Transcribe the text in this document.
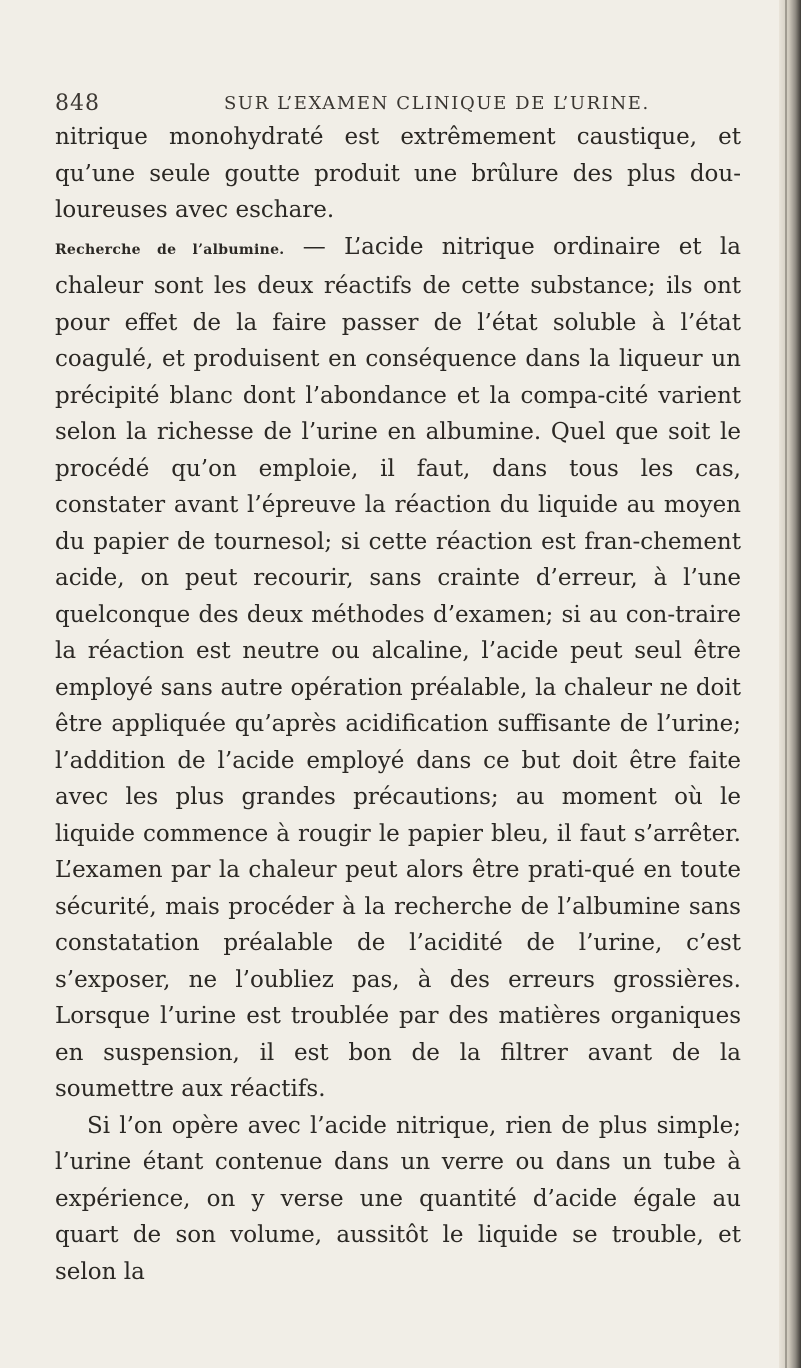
848	SUR L’EXAMEN CLINIQUE DE L’URINE.

nitrique monohydraté est extrêmement caustique, et qu’une seule goutte produit une brûlure des plus dou-loureuses avec eschare.

Recherche de l’albumine. — L’acide nitrique ordinaire et la chaleur sont les deux réactifs de cette substance; ils ont pour effet de la faire passer de l’état soluble à l’état coagulé, et produisent en conséquence dans la liqueur un précipité blanc dont l’abondance et la compa-cité varient selon la richesse de l’urine en albumine. Quel que soit le procédé qu’on emploie, il faut, dans tous les cas, constater avant l’épreuve la réaction du liquide au moyen du papier de tournesol; si cette réaction est fran-chement acide, on peut recourir, sans crainte d’erreur, à l’une quelconque des deux méthodes d’examen; si au con-traire la réaction est neutre ou alcaline, l’acide peut seul être employé sans autre opération préalable, la chaleur ne doit être appliquée qu’après acidification suffisante de l’urine; l’addition de l’acide employé dans ce but doit être faite avec les plus grandes précautions; au moment où le liquide commence à rougir le papier bleu, il faut s’arrêter. L’examen par la chaleur peut alors être prati-qué en toute sécurité, mais procéder à la recherche de l’albumine sans constatation préalable de l’acidité de l’urine, c’est s’exposer, ne l’oubliez pas, à des erreurs grossières. Lorsque l’urine est troublée par des matières organiques en suspension, il est bon de la filtrer avant de la soumettre aux réactifs.

Si l’on opère avec l’acide nitrique, rien de plus simple; l’urine étant contenue dans un verre ou dans un tube à expérience, on y verse une quantité d’acide égale au quart de son volume, aussitôt le liquide se trouble, et selon la
